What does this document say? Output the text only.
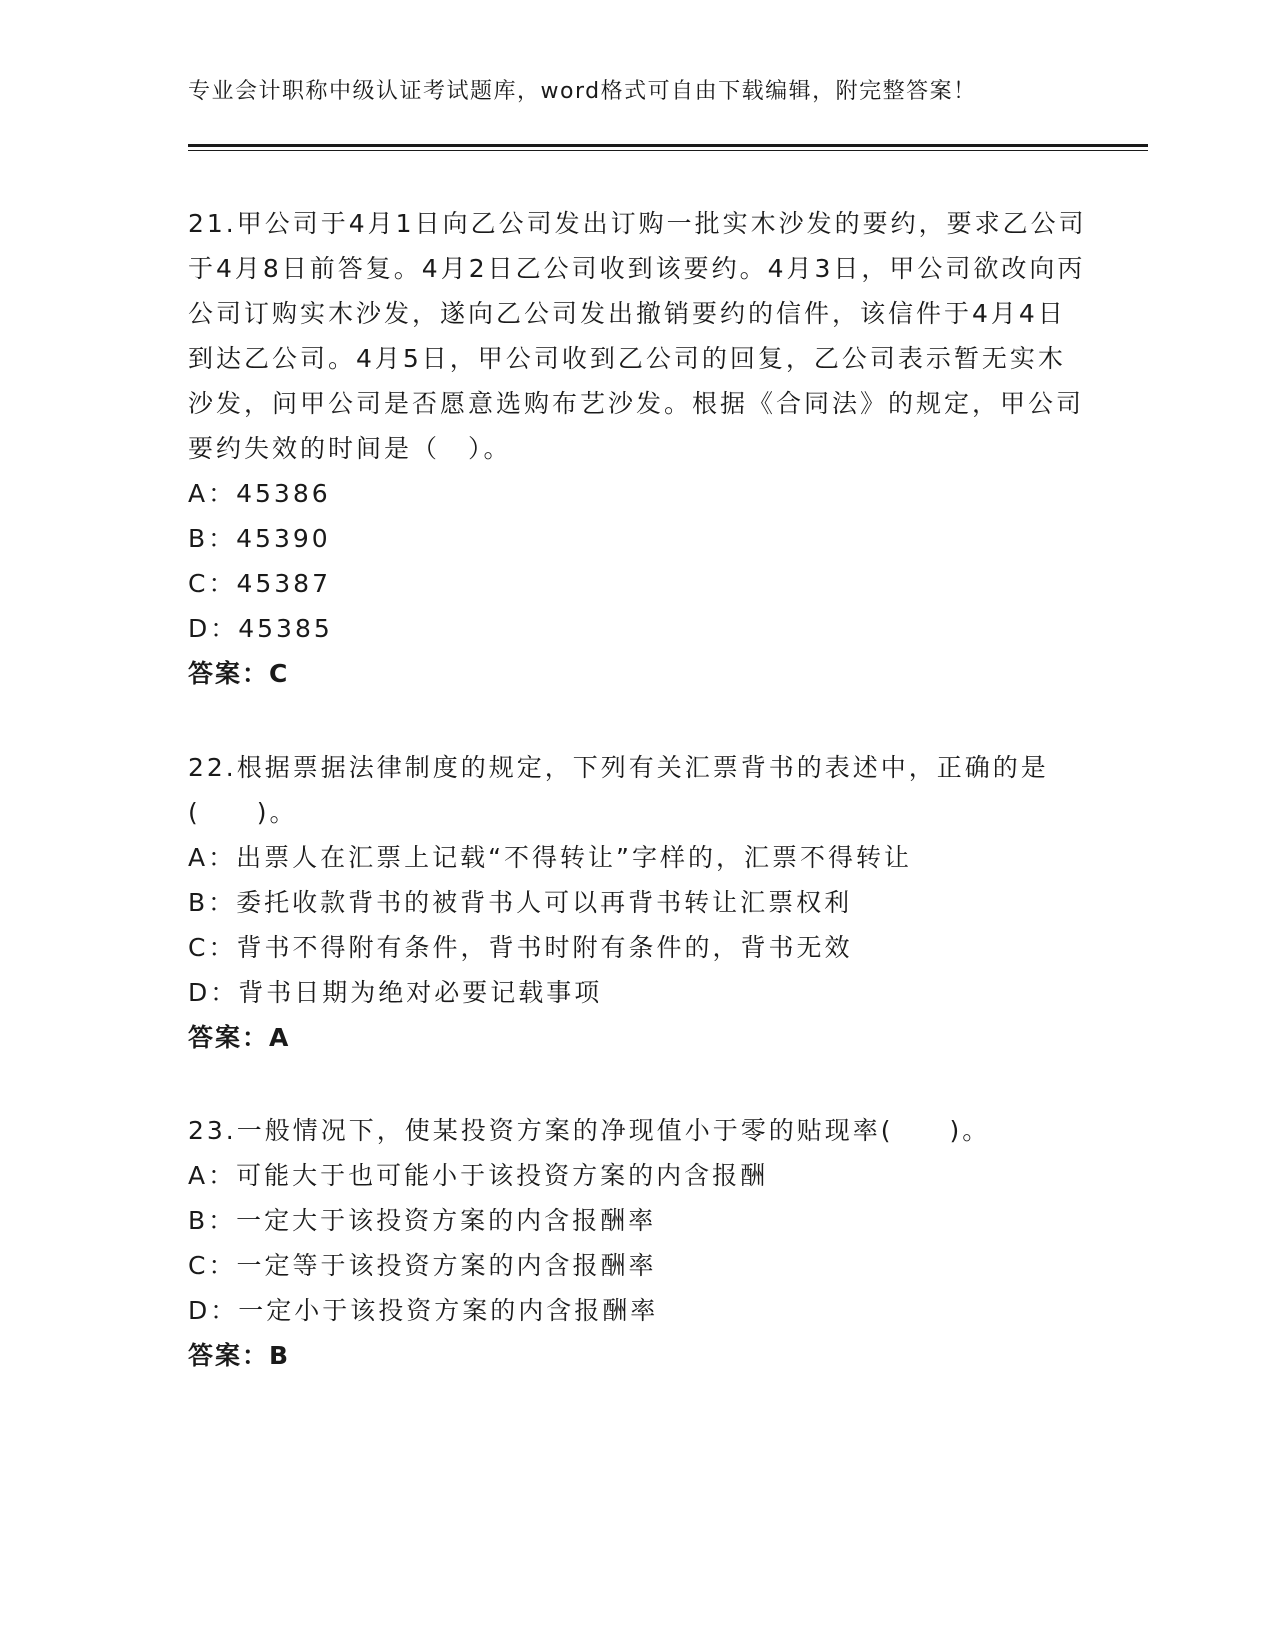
专业会计职称中级认证考试题库，word格式可自由下载编辑，附完整答案！

21.甲公司于4月1日向乙公司发出订购一批实木沙发的要约，要求乙公司于4月8日前答复。4月2日乙公司收到该要约。4月3日，甲公司欲改向丙公司订购实木沙发，遂向乙公司发出撤销要约的信件，该信件于4月4日到达乙公司。4月5日，甲公司收到乙公司的回复，乙公司表示暂无实木沙发，问甲公司是否愿意选购布艺沙发。根据《合同法》的规定，甲公司要约失效的时间是（　）。

A：45386
B：45390
C：45387
D：45385
答案：C

22.根据票据法律制度的规定，下列有关汇票背书的表述中，正确的是(　　)。

A：出票人在汇票上记载“不得转让”字样的，汇票不得转让
B：委托收款背书的被背书人可以再背书转让汇票权利
C：背书不得附有条件，背书时附有条件的，背书无效
D：背书日期为绝对必要记载事项
答案：A

23.一般情况下，使某投资方案的净现值小于零的贴现率(　　)。

A：可能大于也可能小于该投资方案的内含报酬
B：一定大于该投资方案的内含报酬率
C：一定等于该投资方案的内含报酬率
D：一定小于该投资方案的内含报酬率
答案：B
